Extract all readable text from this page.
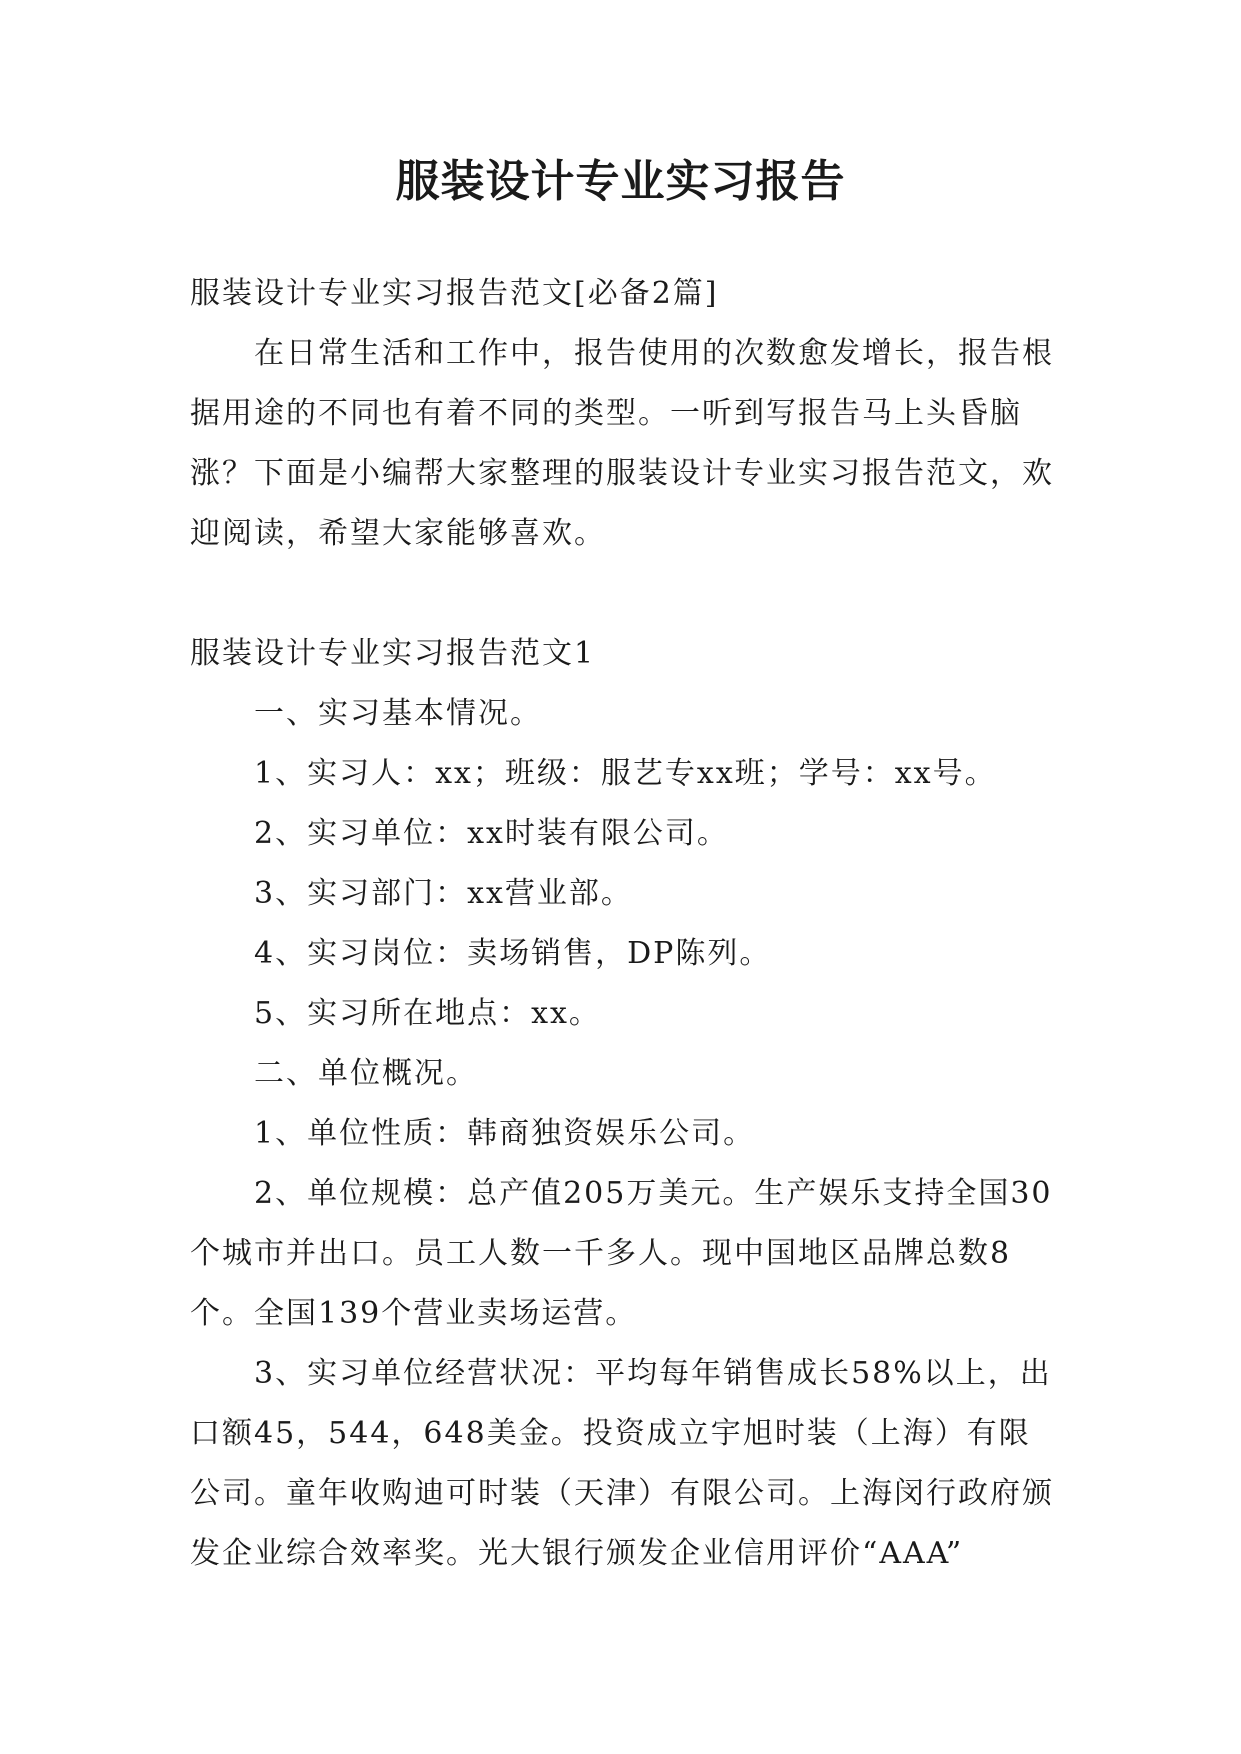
服装设计专业实习报告

服装设计专业实习报告范文[必备2篇]

在日常生活和工作中，报告使用的次数愈发增长，报告根据用途的不同也有着不同的类型。一听到写报告马上头昏脑涨？下面是小编帮大家整理的服装设计专业实习报告范文，欢迎阅读，希望大家能够喜欢。

服装设计专业实习报告范文1

一、实习基本情况。

1、实习人：xx；班级：服艺专xx班；学号：xx号。

2、实习单位：xx时装有限公司。

3、实习部门：xx营业部。

4、实习岗位：卖场销售，DP陈列。

5、实习所在地点：xx。

二、单位概况。

1、单位性质：韩商独资娱乐公司。

2、单位规模：总产值205万美元。生产娱乐支持全国30个城市并出口。员工人数一千多人。现中国地区品牌总数8个。全国139个营业卖场运营。

3、实习单位经营状况：平均每年销售成长58%以上，出口额45，544，648美金。投资成立宇旭时装（上海）有限公司。童年收购迪可时装（天津）有限公司。上海闵行政府颁发企业综合效率奖。光大银行颁发企业信用评价“AAA”
